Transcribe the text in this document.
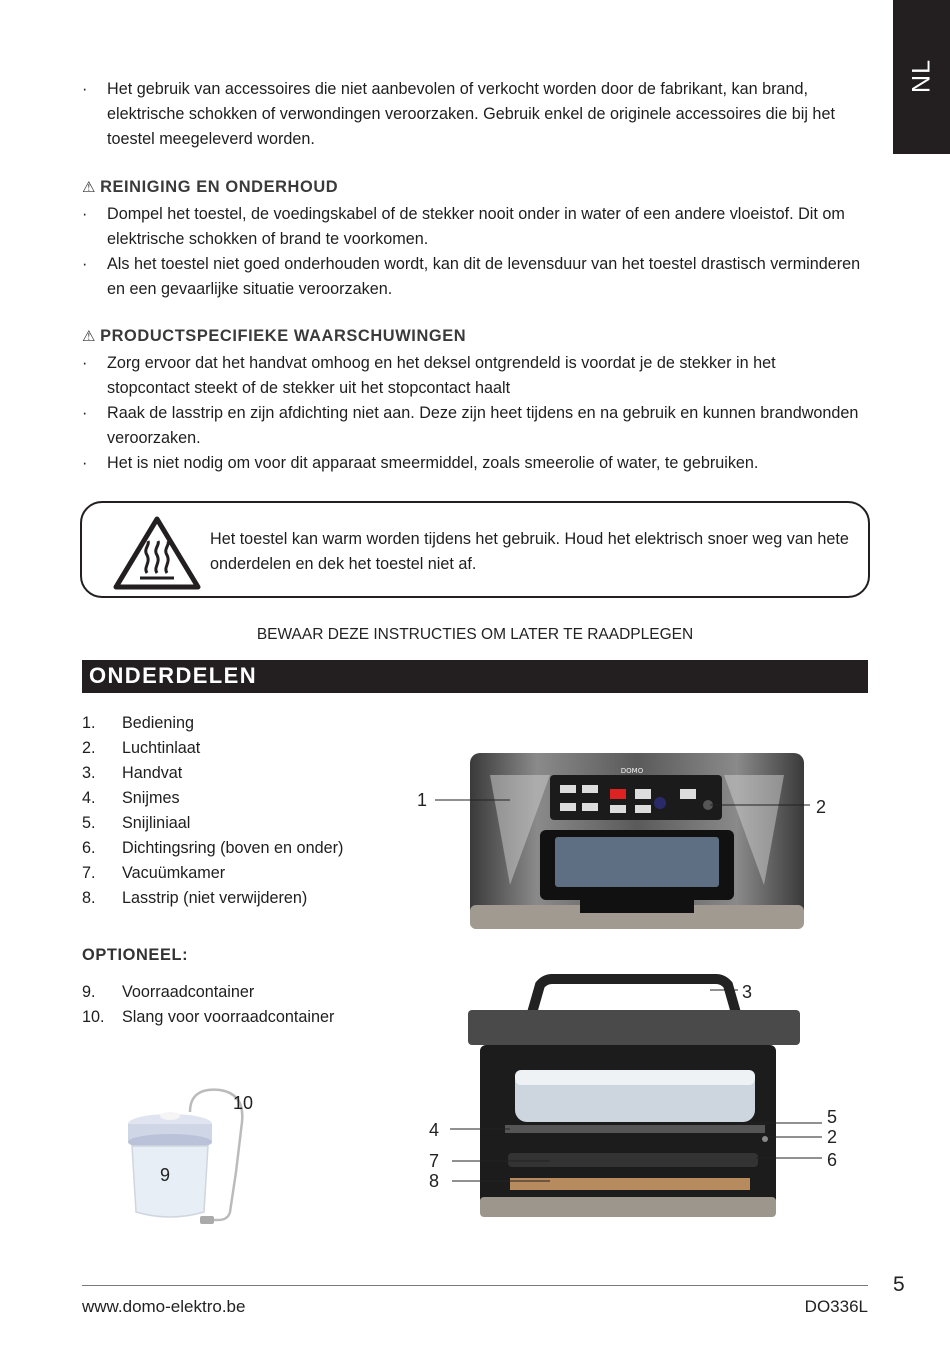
NL
· Het gebruik van accessoires die niet aanbevolen of verkocht worden door de fabrikant, kan brand, elektrische schokken of verwondingen veroorzaken. Gebruik enkel de originele accessoires die bij het toestel meegeleverd worden.
⚠ REINIGING EN ONDERHOUD
· Dompel het toestel, de voedingskabel of de stekker nooit onder in water of een andere vloeistof. Dit om elektrische schokken of brand te voorkomen.
· Als het toestel niet goed onderhouden wordt, kan dit de levensduur van het toestel drastisch verminderen en een gevaarlijke situatie veroorzaken.
⚠ PRODUCTSPECIFIEKE WAARSCHUWINGEN
· Zorg ervoor dat het handvat omhoog en het deksel ontgrendeld is voordat je de stekker in het stopcontact steekt of de stekker uit het stopcontact haalt
· Raak de lasstrip en zijn afdichting niet aan. Deze zijn heet tijdens en na gebruik en kunnen brandwonden veroorzaken.
· Het is niet nodig om voor dit apparaat smeermiddel, zoals smeerolie of water, te gebruiken.
Het toestel kan warm worden tijdens het gebruik. Houd het elektrisch snoer weg van hete onderdelen en dek het toestel niet af.
BEWAAR DEZE INSTRUCTIES OM LATER TE RAADPLEGEN
ONDERDELEN
1. Bediening
2. Luchtinlaat
3. Handvat
4. Snijmes
5. Snijliniaal
6. Dichtingsring (boven en onder)
7. Vacuümkamer
8. Lasstrip (niet verwijderen)
OPTIONEEL:
9. Voorraadcontainer
10. Slang voor voorraadcontainer
DOMO
1	2
3
4
5
2
7	6
8
10
9
5
www.domo-elektro.be	DO336L
